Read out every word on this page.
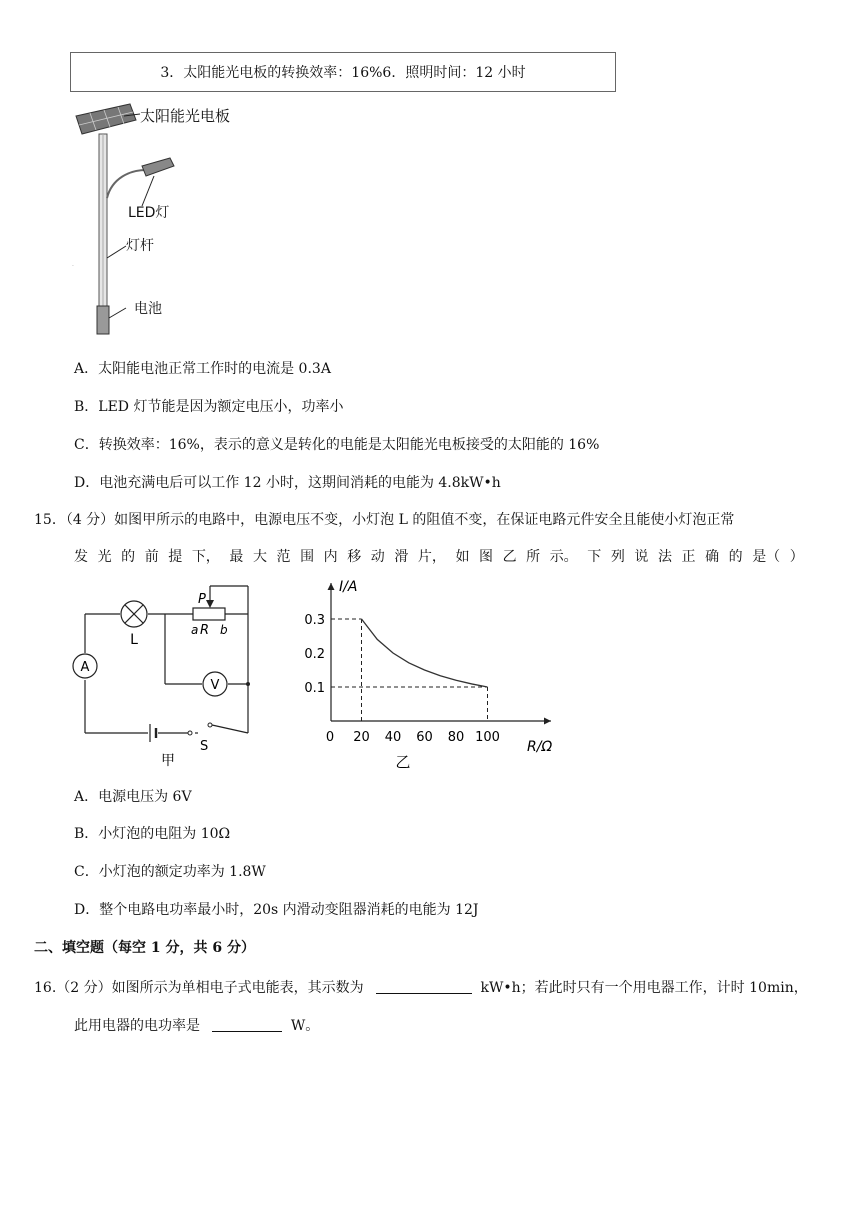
3．太阳能光电板的转换效率：16%6．照明时间：12 小时
.
太阳能光电板
LED灯
灯杆
电池
A．太阳能电池正常工作时的电流是 0.3A
B．LED 灯节能是因为额定电压小，功率小
C．转换效率：16%，表示的意义是转化的电能是太阳能光电板接受的太阳能的 16%
D．电池充满电后可以工作 12 小时，这期间消耗的电能为 4.8kW•h
15．（4 分）如图甲所示的电路中，电源电压不变，小灯泡 L 的阻值不变，在保证电路元件安全且能使小灯泡正常
发 光 的 前 提 下， 最 大 范 围 内 移 动 滑 片， 如 图 乙 所 示。 下 列 说 法 正 确 的 是（ ）
L
A
V
P
a R b
S
甲
0 20 40 60 80 100
0.1
0.2
0.3
I/A
R/Ω
乙
A．电源电压为 6V
B．小灯泡的电阻为 10Ω
C．小灯泡的额定功率为 1.8W
D．整个电路电功率最小时，20s 内滑动变阻器消耗的电能为 12J
二、填空题（每空 1 分，共 6 分）
16.（2 分）如图所示为单相电子式电能表，其示数为	kW•h；若此时只有一个用电器工作，计时 10min，
此用电器的电功率是	W。
